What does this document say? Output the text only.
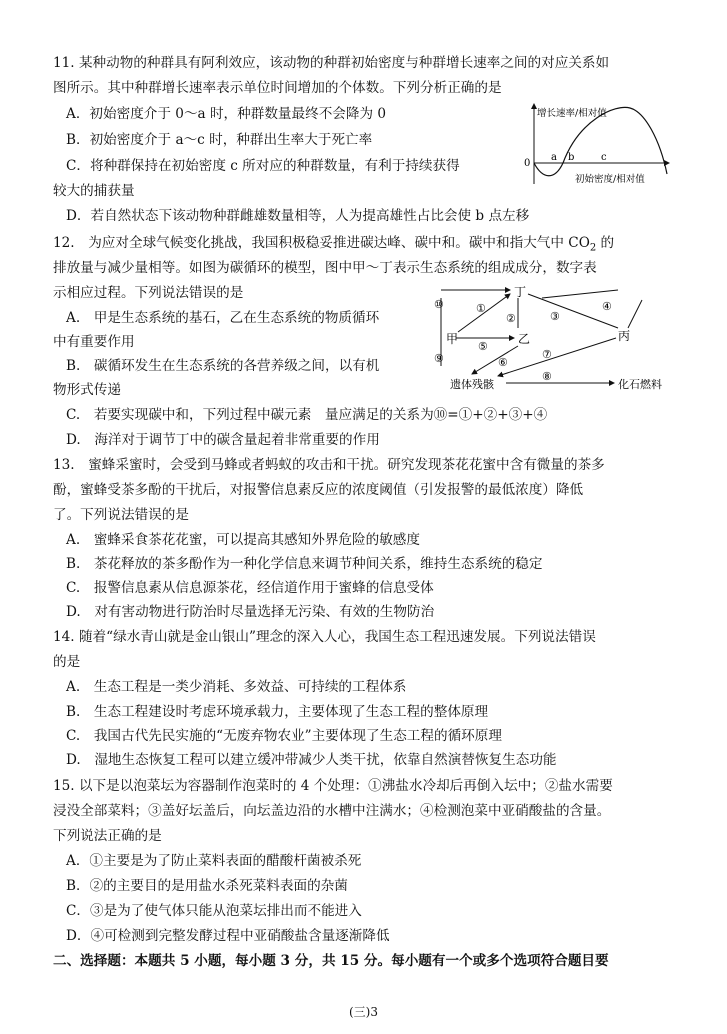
11. 某种动物的种群具有阿利效应，该动物的种群初始密度与种群增长速率之间的对应关系如
图所示。其中种群增长速率表示单位时间增加的个体数。下列分析正确的是
A．初始密度介于 0～a 时，种群数量最终不会降为 0
B．初始密度介于 a～c 时，种群出生率大于死亡率
C．将种群保持在初始密度 c 所对应的种群数量，有利于持续获得
较大的捕获量
D．若自然状态下该动物种群雌雄数量相等，人为提高雄性占比会使 b 点左移
增长速率/相对值
初始密度/相对值
0
a b	c
12.　为应对全球气候变化挑战，我国积极稳妥推进碳达峰、碳中和。碳中和指大气中 $CO_2$ 的
排放量与减少量相等。如图为碳循环的模型，图中甲～丁表示生态系统的组成成分，数字表
示相应过程。下列说法错误的是
A.　甲是生态系统的基石，乙在生态系统的物质循环
中有重要作用
B.　碳循环发生在生态系统的各营养级之间，以有机
物形式传递
C.　若要实现碳中和，下列过程中碳元素　量应满足的关系为⑩=①+②+③+④
D.　海洋对于调节丁中的碳含量起着非常重要的作用
丁
甲	乙	丙
遗体残骸	化石燃料
⑩	①
②	③
④
⑤
⑨	⑥
⑦
⑧
13.　蜜蜂采蜜时，会受到马蜂或者蚂蚁的攻击和干扰。研究发现茶花花蜜中含有微量的茶多
酚，蜜蜂受茶多酚的干扰后，对报警信息素反应的浓度阈值（引发报警的最低浓度）降低
了。下列说法错误的是
A.　蜜蜂采食茶花花蜜，可以提高其感知外界危险的敏感度
B.　茶花释放的茶多酚作为一种化学信息来调节种间关系，维持生态系统的稳定
C.　报警信息素从信息源茶花，经信道作用于蜜蜂的信息受体
D.　对有害动物进行防治时尽量选择无污染、有效的生物防治
14. 随着“绿水青山就是金山银山”理念的深入人心，我国生态工程迅速发展。下列说法错误
的是
A.　生态工程是一类少消耗、多效益、可持续的工程体系
B.　生态工程建设时考虑环境承载力，主要体现了生态工程的整体原理
C.　我国古代先民实施的“无废弃物农业”主要体现了生态工程的循环原理
D.　湿地生态恢复工程可以建立缓冲带减少人类干扰，依靠自然演替恢复生态功能
15. 以下是以泡菜坛为容器制作泡菜时的 4 个处理：①沸盐水冷却后再倒入坛中；②盐水需要
浸没全部菜料；③盖好坛盖后，向坛盖边沿的水槽中注满水；④检测泡菜中亚硝酸盐的含量。
下列说法正确的是
A．①主要是为了防止菜料表面的醋酸杆菌被杀死
B．②的主要目的是用盐水杀死菜料表面的杂菌
C．③是为了使气体只能从泡菜坛排出而不能进入
D．④可检测到完整发酵过程中亚硝酸盐含量逐渐降低
二、选择题：本题共 5 小题，每小题 3 分，共 15 分。每小题有一个或多个选项符合题目要
(三)3
